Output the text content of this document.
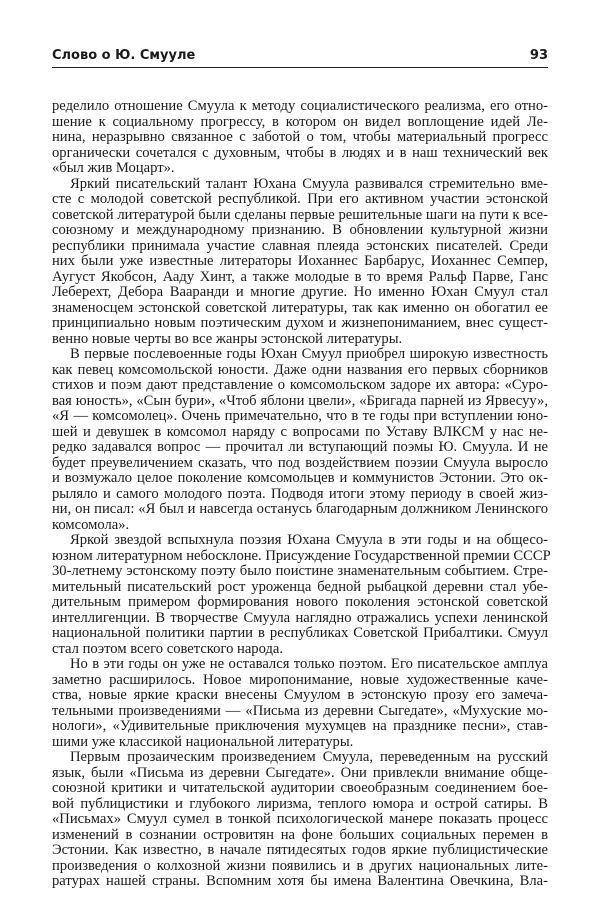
Слово о Ю. Смууле	93
ределило отношение Смуула к методу социалистического реализма, его отно-
шение к социальному прогрессу, в котором он видел воплощение идей Ле-
нина, неразрывно связанное с заботой о том, чтобы материальный прогресс
органически сочетался с духовным, чтобы в людях и в наш технический век
«был жив Моцарт».
Яркий писательский талант Юхана Смуула развивался стремительно вме-
сте с молодой советской республикой. При его активном участии эстонской
советской литературой были сделаны первые решительные шаги на пути к все-
союзному и международному признанию. В обновлении культурной жизни
республики принимала участие славная плеяда эстонских писателей. Среди
них были уже известные литераторы Иоханнес Барбарус, Иоханнес Семпер,
Аугуст Якобсон, Ааду Хинт, а также молодые в то время Ральф Парве, Ганс
Леберехт, Дебора Вааранди и многие другие. Но именно Юхан Смуул стал
знаменосцем эстонской советской литературы, так как именно он обогатил ее
принципиально новым поэтическим духом и жизнепониманием, внес сущест-
венно новые черты во все жанры эстонской литературы.
В первые послевоенные годы Юхан Смуул приобрел широкую известность
как певец комсомольской юности. Даже одни названия его первых сборников
стихов и поэм дают представление о комсомольском задоре их автора: «Суро-
вая юность», «Сын бури», «Чтоб яблони цвели», «Бригада парней из Ярвесуу»,
«Я — комсомолец». Очень примечательно, что в те годы при вступлении юно-
шей и девушек в комсомол наряду с вопросами по Уставу ВЛКСМ у нас не-
редко задавался вопрос — прочитал ли вступающий поэмы Ю. Смуула. И не
будет преувеличением сказать, что под воздействием поэзии Смуула выросло
и возмужало целое поколение комсомольцев и коммунистов Эстонии. Это ок-
рыляло и самого молодого поэта. Подводя итоги этому периоду в своей жиз-
ни, он писал: «Я был и навсегда останусь благодарным должником Ленинского
комсомола».
Яркой звездой вспыхнула поэзия Юхана Смуула в эти годы и на общесо-
юзном литературном небосклоне. Присуждение Государственной премии СССР
30-летнему эстонскому поэту было поистине знаменательным событием. Стре-
мительный писательский рост уроженца бедной рыбацкой деревни стал убе-
дительным примером формирования нового поколения эстонской советской
интеллигенции. В творчестве Смуула наглядно отражались успехи ленинской
национальной политики партии в республиках Советской Прибалтики. Смуул
стал поэтом всего советского народа.
Но в эти годы он уже не оставался только поэтом. Его писательское амплуа
заметно расширилось. Новое миропонимание, новые художественные каче-
ства, новые яркие краски внесены Смуулом в эстонскую прозу его замеча-
тельными произведениями — «Письма из деревни Сыгедате», «Мухуские мо-
нологи», «Удивительные приключения мухумцев на празднике песни», став-
шими уже классикой национальной литературы.
Первым прозаическим произведением Смуула, переведенным на русский
язык, были «Письма из деревни Сыгедате». Они привлекли внимание обще-
союзной критики и читательской аудитории своеобразным соединением бое-
вой публицистики и глубокого лиризма, теплого юмора и острой сатиры. В
«Письмах» Смуул сумел в тонкой психологической манере показать процесс
изменений в сознании островитян на фоне больших социальных перемен в
Эстонии. Как известно, в начале пятидесятых годов яркие публицистические
произведения о колхозной жизни появились и в других национальных лите-
ратурах нашей страны. Вспомним хотя бы имена Валентина Овечкина, Вла-
